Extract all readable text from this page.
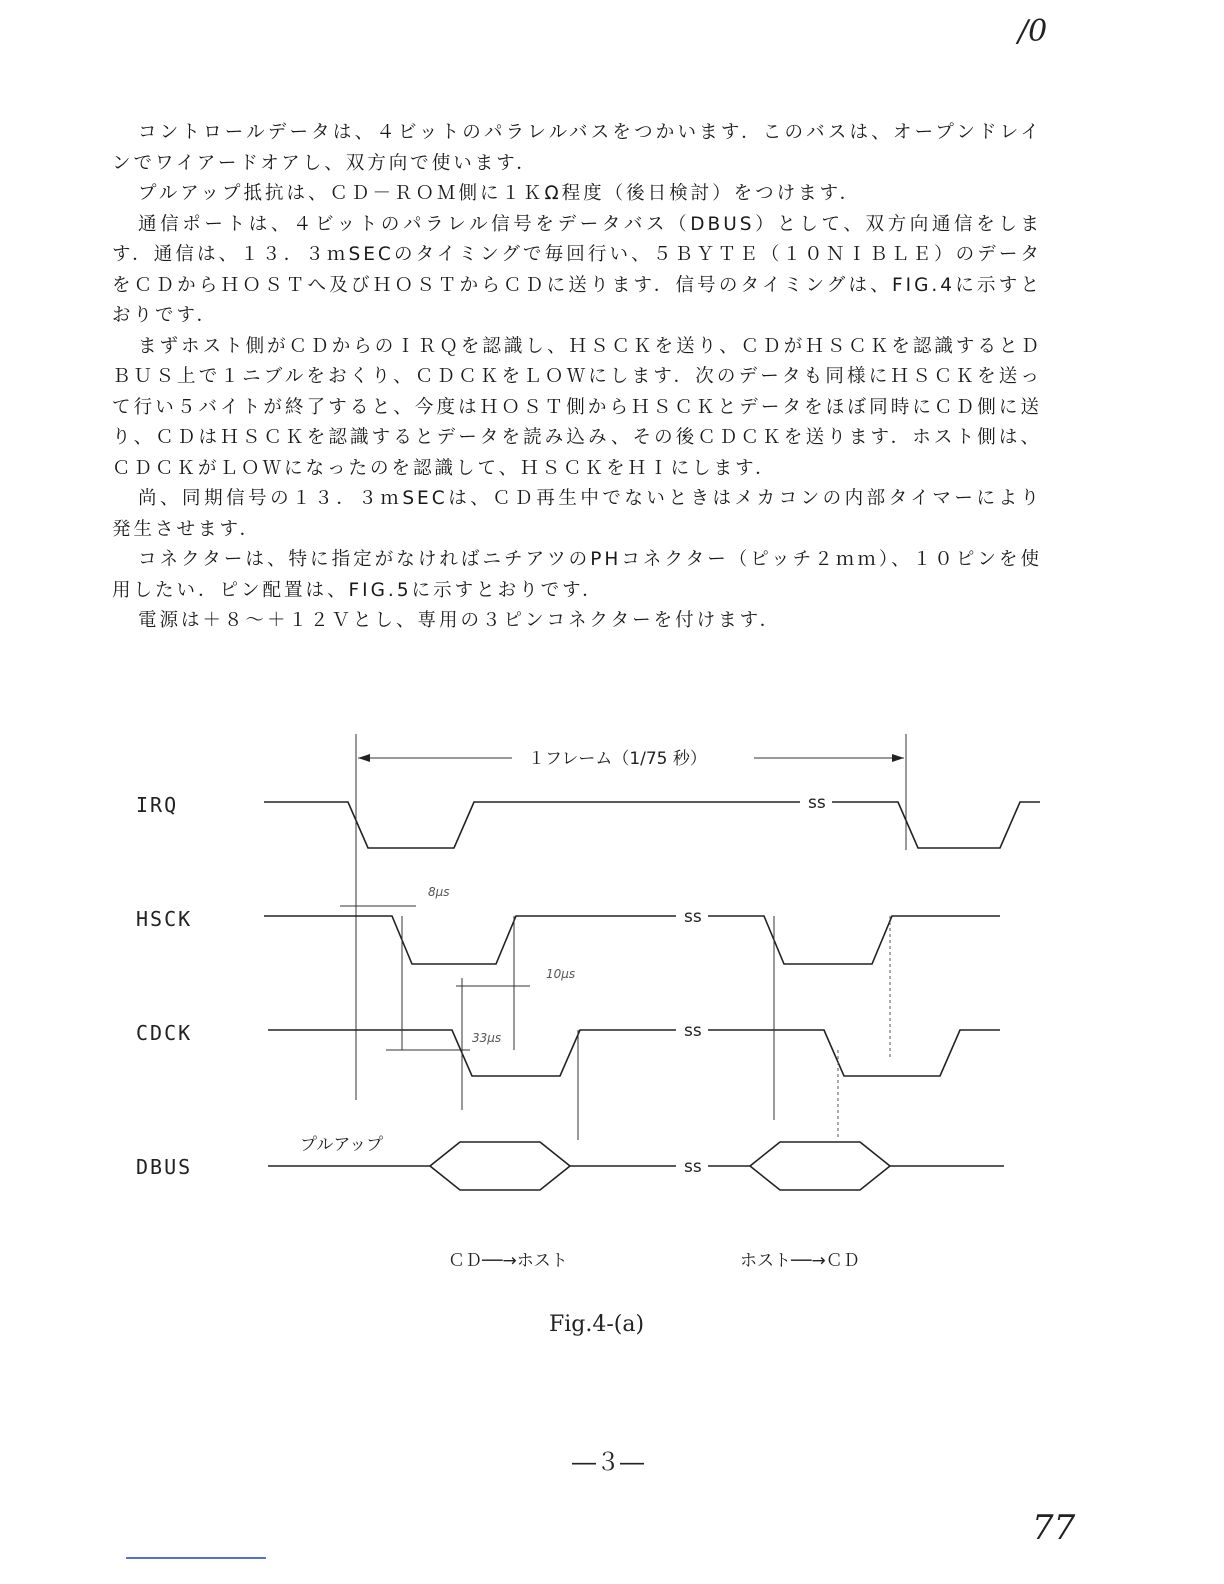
/0

コントロールデータは、４ビットのパラレルバスをつかいます．このバスは、オープンドレインでワイアードオアし、双方向で使います．

プルアップ抵抗は、ＣＤ－ＲＯＭ側に１ＫΩ程度（後日検討）をつけます．

通信ポートは、４ビットのパラレル信号をデータバス（DBUS）として、双方向通信をします．通信は、１３．３ｍSECのタイミングで毎回行い、５ＢＹＴＥ（１０ＮＩＢＬＥ）のデータをＣＤからＨＯＳＴへ及びＨＯＳＴからＣＤに送ります．信号のタイミングは、FIG.4に示すとおりです．

まずホスト側がＣＤからのＩＲＱを認識し、ＨＳＣＫを送り、ＣＤがＨＳＣＫを認識するとＤＢＵＳ上で１ニブルをおくり、ＣＤＣＫをＬＯＷにします．次のデータも同様にＨＳＣＫを送って行い５バイトが終了すると、今度はＨＯＳＴ側からＨＳＣＫとデータをほぼ同時にＣＤ側に送り、ＣＤはＨＳＣＫを認識するとデータを読み込み、その後ＣＤＣＫを送ります．ホスト側は、ＣＤＣＫがＬＯＷになったのを認識して、ＨＳＣＫをＨＩにします．

尚、同期信号の１３．３ｍSECは、ＣＤ再生中でないときはメカコンの内部タイマーにより発生させます．

コネクターは、特に指定がなければニチアツのPHコネクター（ピッチ２ｍｍ）、１０ピンを使用したい．ピン配置は、FIG.5に示すとおりです．

電源は＋８～＋１２Ｖとし、専用の３ピンコネクターを付けます．

１フレーム（1/75 秒）
IRQ
HSCK
CDCK
DBUS
ss
ss
ss
ss
プルアップ
8μs
10μs
33μs
ＣＤ──→ホスト	ホスト──→ＣＤ
Fig.4-(a)
―３―
77
